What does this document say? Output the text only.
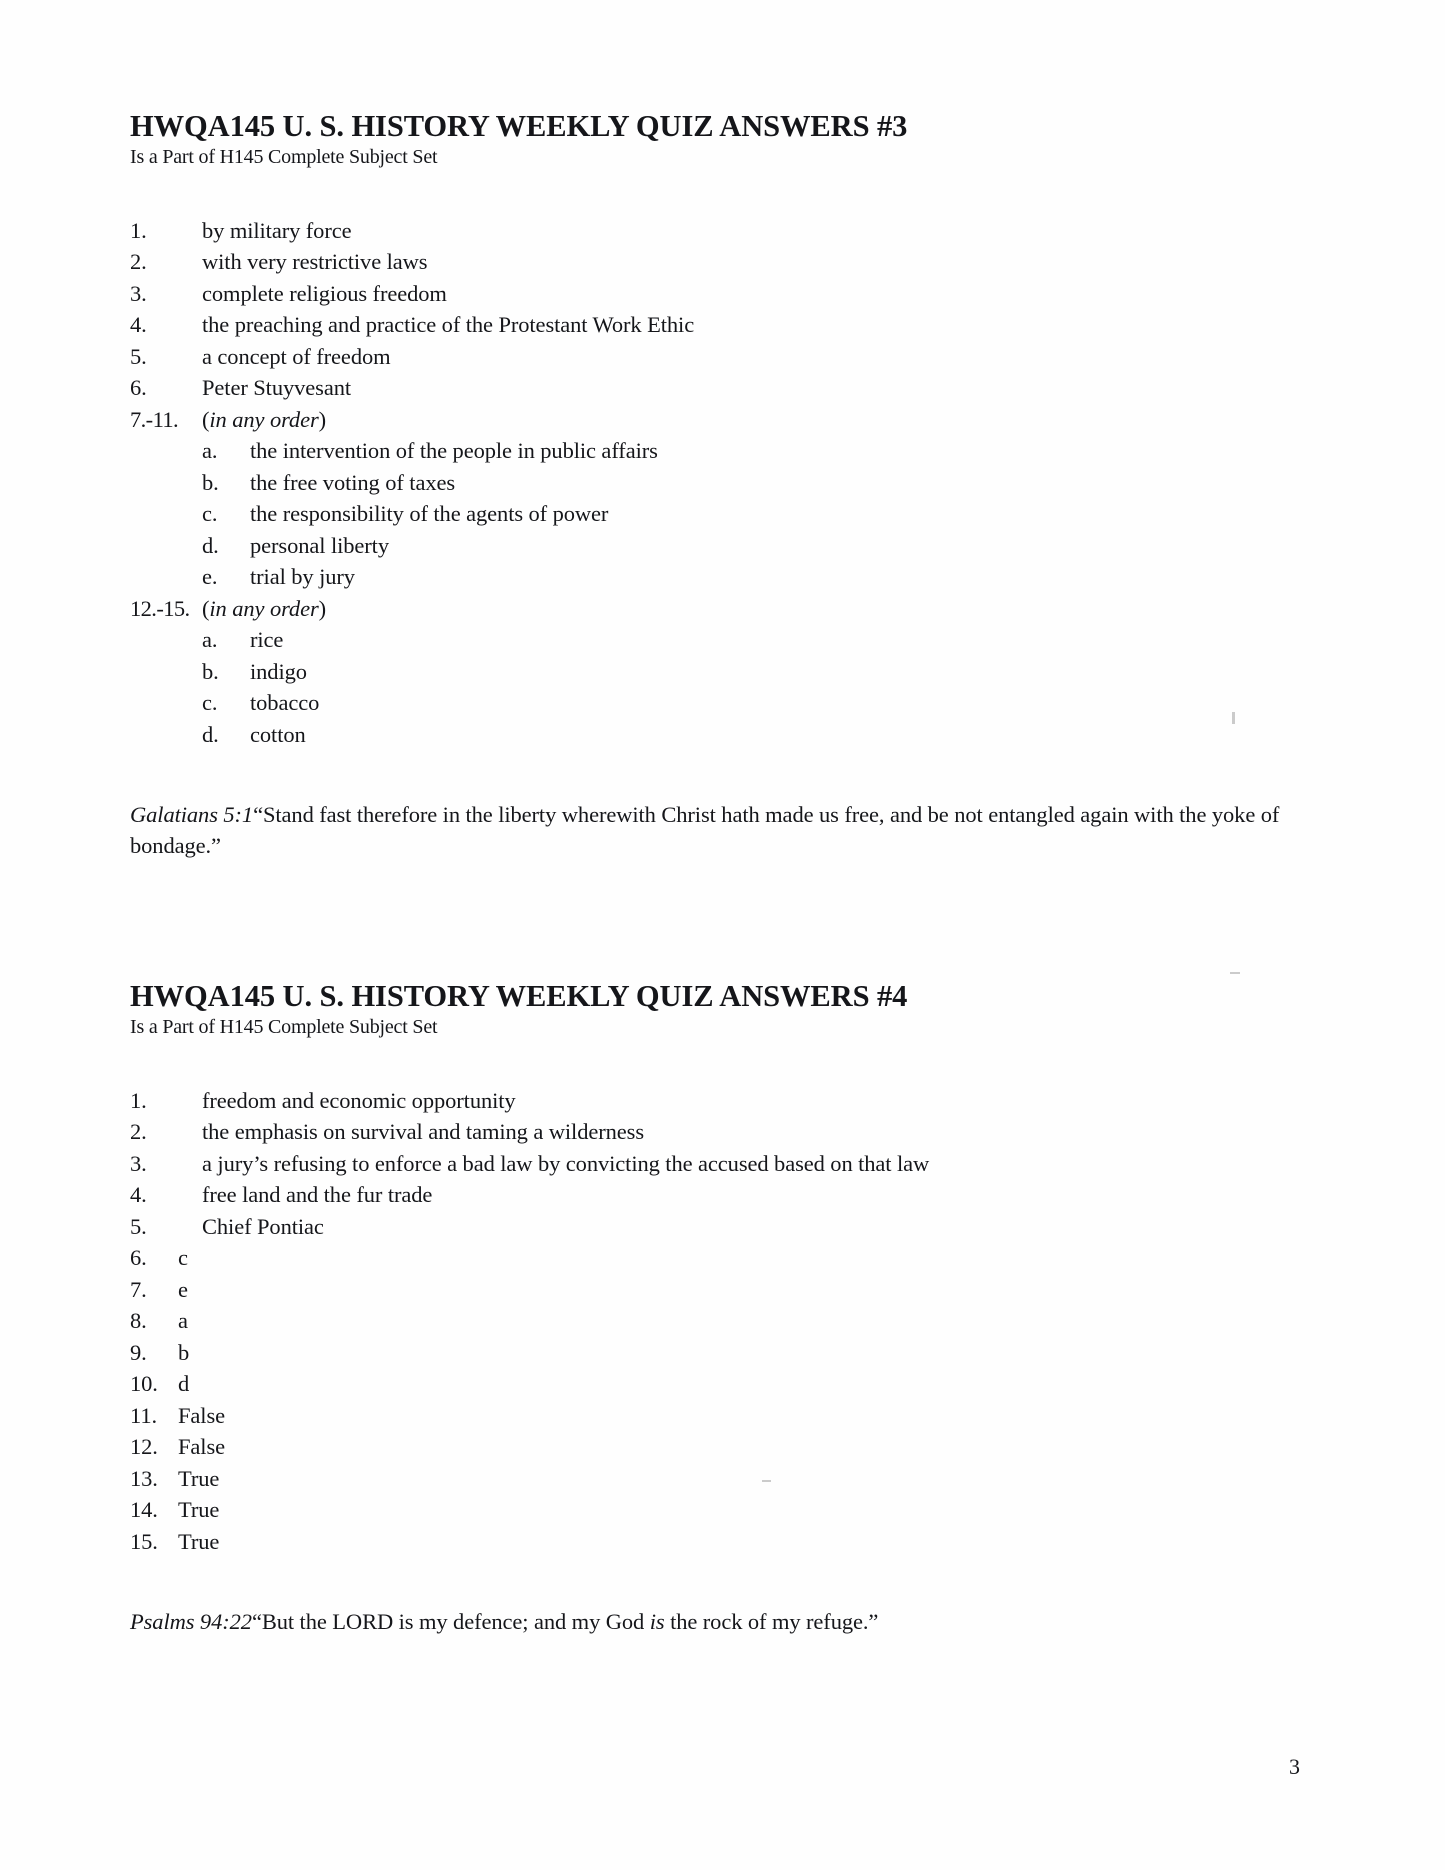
HWQA145 U. S. HISTORY WEEKLY QUIZ ANSWERS #3

Is a Part of H145 Complete Subject Set

1.	by military force
2.	with very restrictive laws
3.	complete religious freedom
4.	the preaching and practice of the Protestant Work Ethic
5.	a concept of freedom
6.	Peter Stuyvesant
7.-11.	(in any order)
a.	the intervention of the people in public affairs
b.	the free voting of taxes
c.	the responsibility of the agents of power
d.	personal liberty
e.	trial by jury
12.-15. (in any order)
a.	rice
b.	indigo
c.	tobacco
d.	cotton

Galatians 5:1“Stand fast therefore in the liberty wherewith Christ hath made us free, and be not entangled again with the yoke of bondage.”

HWQA145 U. S. HISTORY WEEKLY QUIZ ANSWERS #4

Is a Part of H145 Complete Subject Set

1.	freedom and economic opportunity
2.	the emphasis on survival and taming a wilderness
3.	a jury’s refusing to enforce a bad law by convicting the accused based on that law
4.	free land and the fur trade
5.	Chief Pontiac
6.	c
7.	e
8.	a
9.	b
10. d
11. False
12. False
13. True
14. True
15. True

Psalms 94:22“But the LORD is my defence; and my God is the rock of my refuge.”

3
